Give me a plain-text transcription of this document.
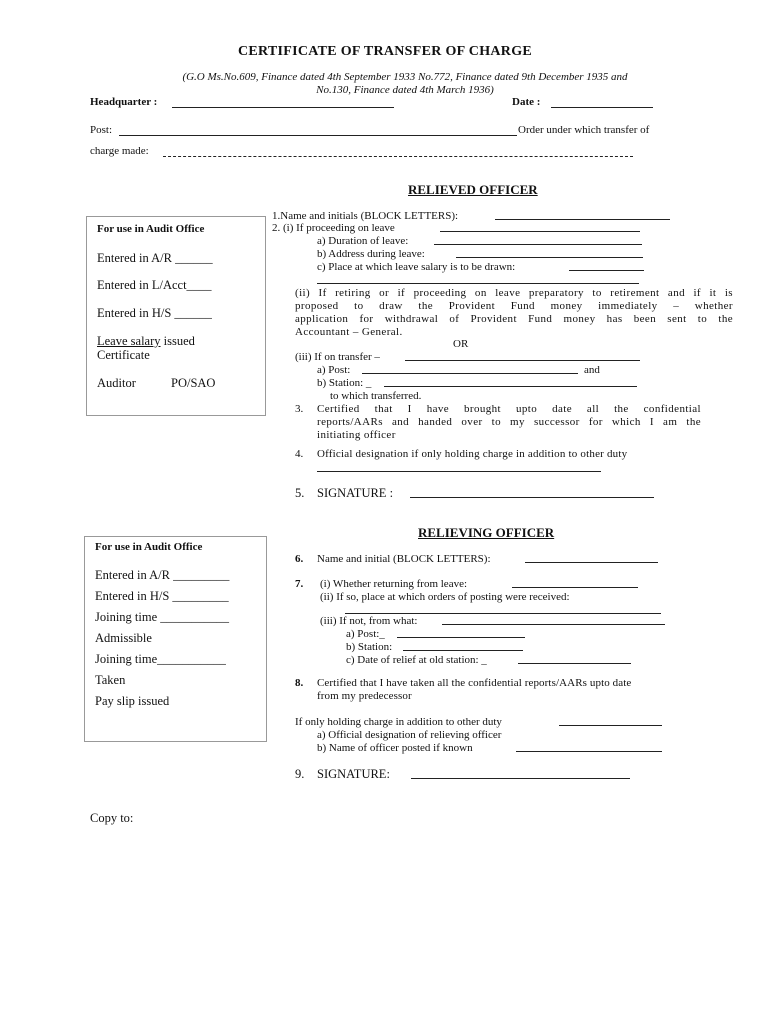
CERTIFICATE OF TRANSFER OF CHARGE
(G.O Ms.No.609, Finance dated 4th September 1933 No.772, Finance dated 9th December 1935 and
No.130, Finance dated 4th March 1936)
Headquarter :	Date :
Post:	Order under which transfer of
charge made:
RELIEVED OFFICER
For use in Audit Office
Entered in A/R ______
Entered in L/Acct____
Entered in H/S ______
Leave salary issued
Certificate
Auditor	PO/SAO
1.Name and initials (BLOCK LETTERS):
2. (i) If proceeding on leave
a) Duration of leave:
b) Address during leave:
c) Place at which leave salary is to be drawn:
(ii) If retiring or if proceeding on leave preparatory to retirement and if it is
proposed to draw the Provident Fund money immediately – whether
application for withdrawal of Provident Fund money has been sent to the
Accountant – General.
OR
(iii) If on transfer –
a) Post:	and
b) Station: _
to which transferred.
3. Certified that I have brought upto date all the confidential
reports/AARs and handed over to my successor for which I am the
initiating officer
4. Official designation if only holding charge in addition to other duty
5. SIGNATURE :
RELIEVING OFFICER
For use in Audit Office
Entered in A/R _________
Entered in H/S _________
Joining time ___________
Admissible
Joining time___________
Taken
Pay slip issued
6. Name and initial (BLOCK LETTERS):
7. (i) Whether returning from leave:
(ii) If so, place at which orders of posting were received:
(iii) If not, from what:
a) Post:_
b) Station:
c) Date of relief at old station: _
8. Certified that I have taken all the confidential reports/AARs upto date
from my predecessor
If only holding charge in addition to other duty
a) Official designation of relieving officer
b) Name of officer posted if known
9. SIGNATURE:
Copy to:
